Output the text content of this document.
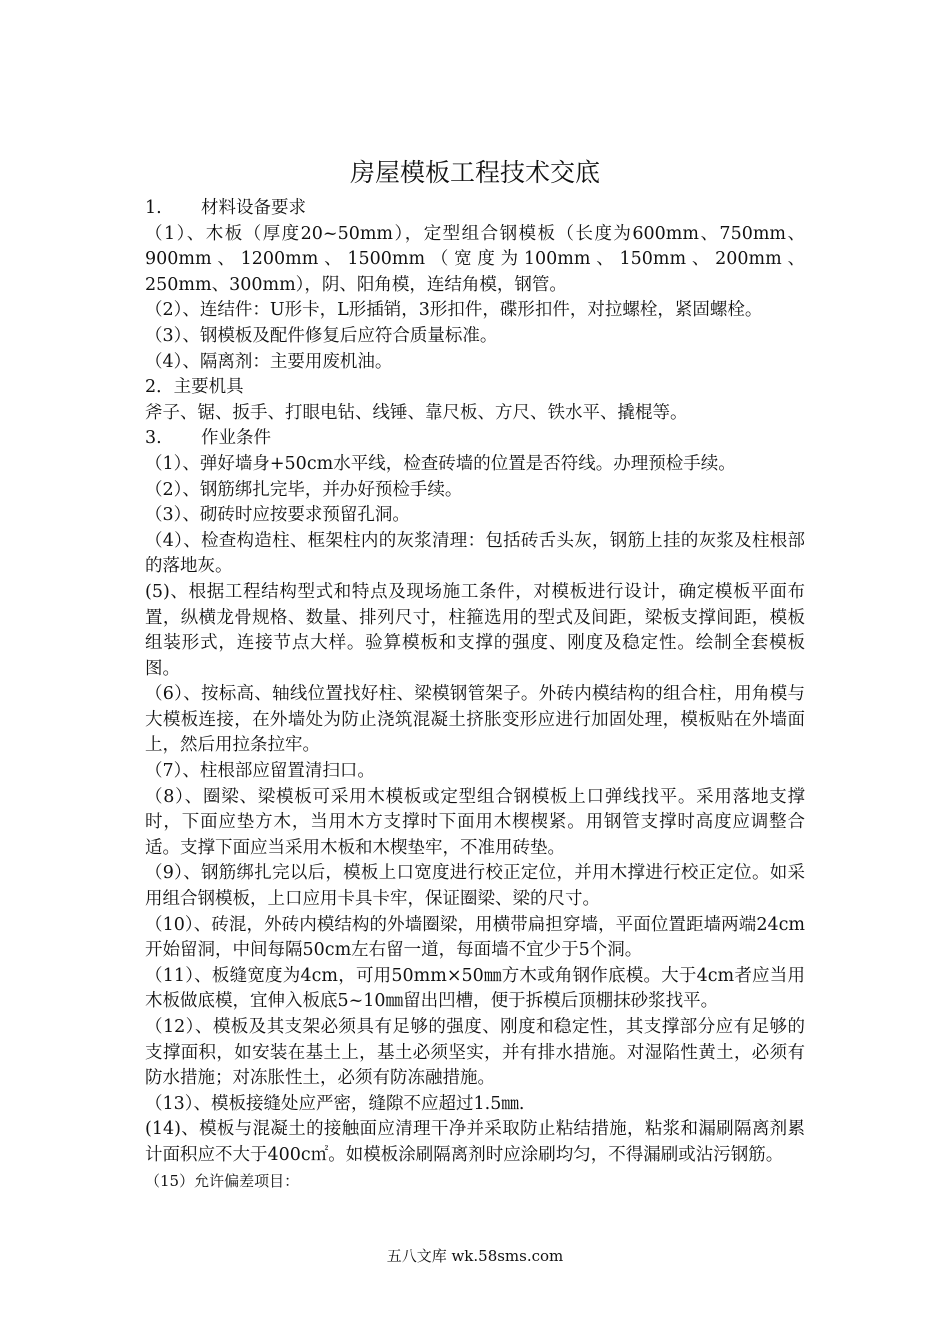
房屋模板工程技术交底

1. 材料设备要求

（1）、木板（厚度20~50mm），定型组合钢模板（长度为600mm、750mm、900mm、1200mm、1500mm（宽度为100mm、150mm、200mm、250mm、300mm），阴、阳角模，连结角模，钢管。

（2）、连结件：U形卡，L形插销，3形扣件，碟形扣件，对拉螺栓，紧固螺栓。

（3）、钢模板及配件修复后应符合质量标准。

（4）、隔离剂：主要用废机油。

2．主要机具

斧子、锯、扳手、打眼电钻、线锤、靠尺板、方尺、铁水平、撬棍等。

3. 作业条件

（1）、弹好墙身+50cm水平线，检查砖墙的位置是否符线。办理预检手续。

（2）、钢筋绑扎完毕，并办好预检手续。

（3）、砌砖时应按要求预留孔洞。

（4）、检查构造柱、框架柱内的灰浆清理：包括砖舌头灰，钢筋上挂的灰浆及柱根部的落地灰。

(5)、根据工程结构型式和特点及现场施工条件，对模板进行设计，确定模板平面布置，纵横龙骨规格、数量、排列尺寸，柱箍选用的型式及间距，梁板支撑间距，模板组装形式，连接节点大样。验算模板和支撑的强度、刚度及稳定性。绘制全套模板图。

（6）、按标高、轴线位置找好柱、梁模钢管架子。外砖内模结构的组合柱，用角模与大模板连接，在外墙处为防止浇筑混凝土挤胀变形应进行加固处理，模板贴在外墙面上，然后用拉条拉牢。

（7）、柱根部应留置清扫口。

（8）、圈梁、梁模板可采用木模板或定型组合钢模板上口弹线找平。采用落地支撑时，下面应垫方木，当用木方支撑时下面用木楔楔紧。用钢管支撑时高度应调整合适。支撑下面应当采用木板和木楔垫牢，不准用砖垫。

（9）、钢筋绑扎完以后，模板上口宽度进行校正定位，并用木撑进行校正定位。如采用组合钢模板，上口应用卡具卡牢，保证圈梁、梁的尺寸。

（10）、砖混，外砖内模结构的外墙圈梁，用横带扁担穿墙，平面位置距墙两端24cm开始留洞，中间每隔50cm左右留一道，每面墙不宜少于5个洞。

（11）、板缝宽度为4cm，可用50mm×50㎜方木或角钢作底模。大于4cm者应当用木板做底模，宜伸入板底5~10㎜留出凹槽，便于拆模后顶棚抹砂浆找平。

（12）、模板及其支架必须具有足够的强度、刚度和稳定性，其支撑部分应有足够的支撑面积，如安装在基土上，基土必须坚实，并有排水措施。对湿陷性黄土，必须有防水措施；对冻胀性土，必须有防冻融措施。

（13）、模板接缝处应严密，缝隙不应超过1.5㎜.

(14)、模板与混凝土的接触面应清理干净并采取防止粘结措施，粘浆和漏刷隔离剂累计面积应不大于400c㎡。如模板涂刷隔离剂时应涂刷均匀，不得漏刷或沾污钢筋。

（15）允许偏差项目：

五八文库 wk.58sms.com
